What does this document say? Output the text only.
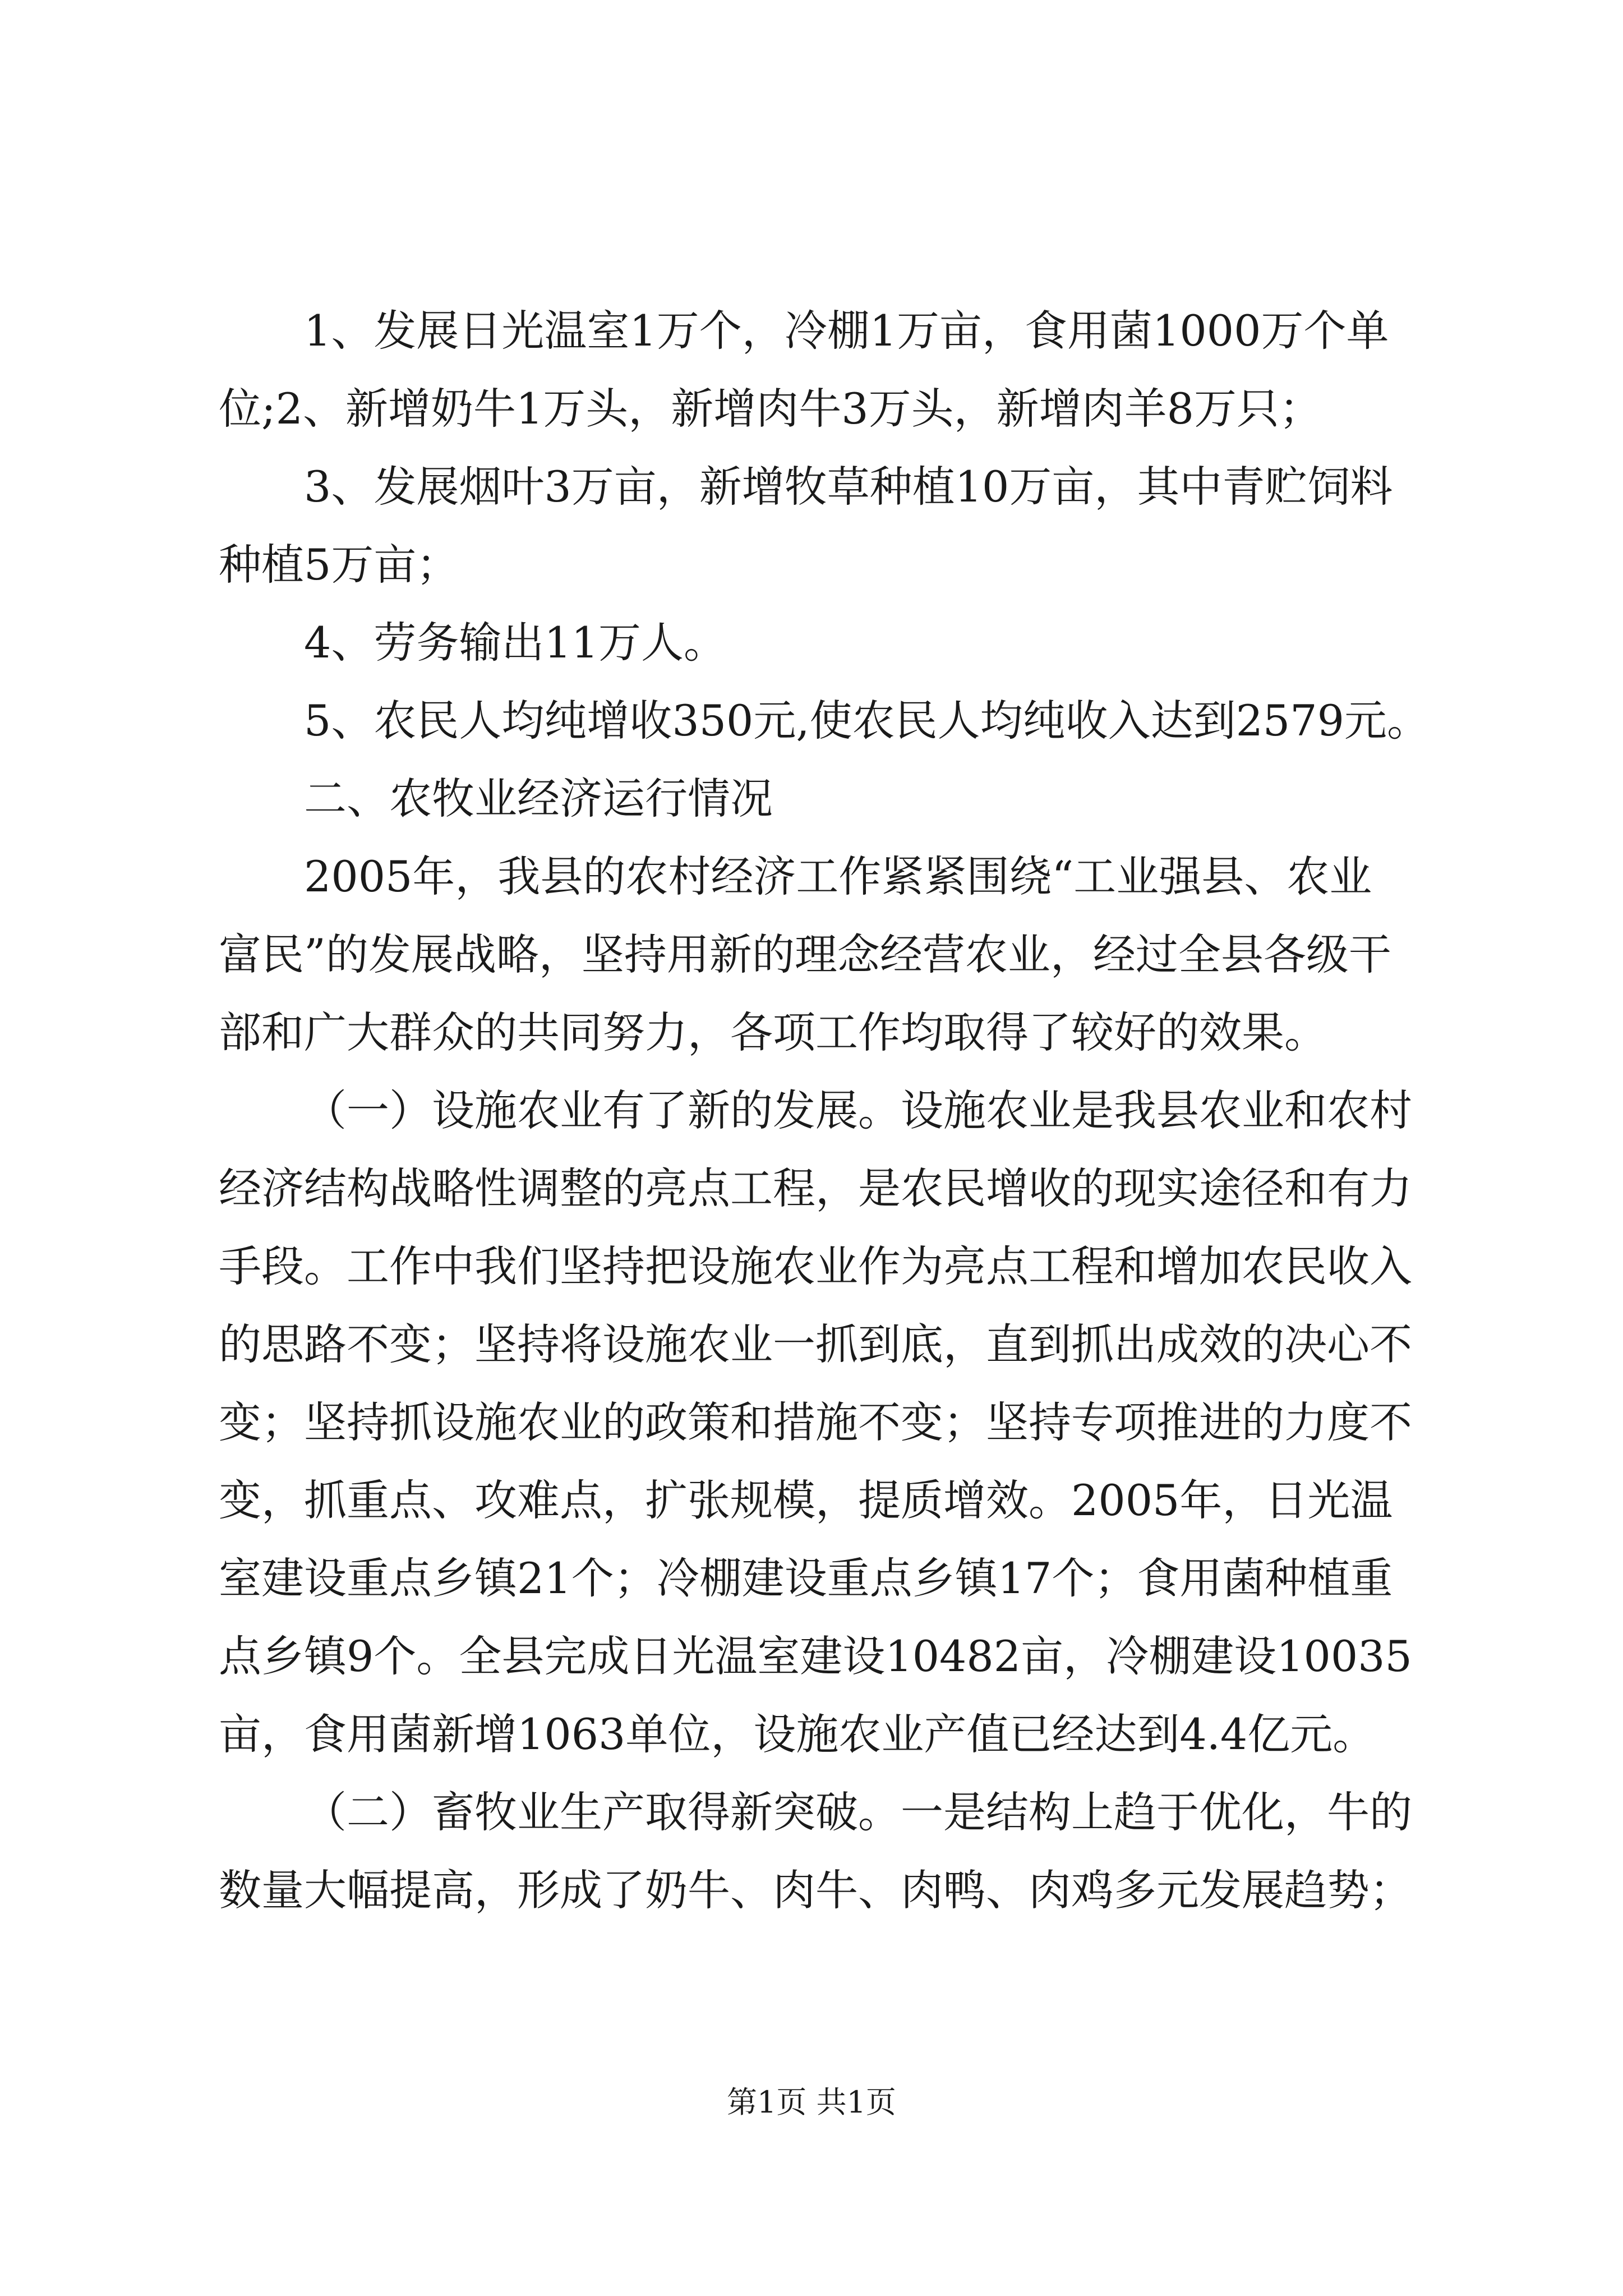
1、发展日光温室1万个，冷棚1万亩，食用菌1000万个单
位;2、新增奶牛1万头，新增肉牛3万头，新增肉羊8万只；
3、发展烟叶3万亩，新增牧草种植10万亩，其中青贮饲料
种植5万亩；
4、劳务输出11万人。
5、农民人均纯增收350元,使农民人均纯收入达到2579元。
二、农牧业经济运行情况
2005年，我县的农村经济工作紧紧围绕“工业强县、农业
富民”的发展战略，坚持用新的理念经营农业，经过全县各级干
部和广大群众的共同努力，各项工作均取得了较好的效果。
（一）设施农业有了新的发展。设施农业是我县农业和农村
经济结构战略性调整的亮点工程，是农民增收的现实途径和有力
手段。工作中我们坚持把设施农业作为亮点工程和增加农民收入
的思路不变；坚持将设施农业一抓到底，直到抓出成效的决心不
变；坚持抓设施农业的政策和措施不变；坚持专项推进的力度不
变，抓重点、攻难点，扩张规模，提质增效。2005年，日光温
室建设重点乡镇21个；冷棚建设重点乡镇17个；食用菌种植重
点乡镇9个。全县完成日光温室建设10482亩，冷棚建设10035
亩，食用菌新增1063单位，设施农业产值已经达到4.4亿元。
（二）畜牧业生产取得新突破。一是结构上趋于优化，牛的
数量大幅提高，形成了奶牛、肉牛、肉鸭、肉鸡多元发展趋势；
第1页 共1页
